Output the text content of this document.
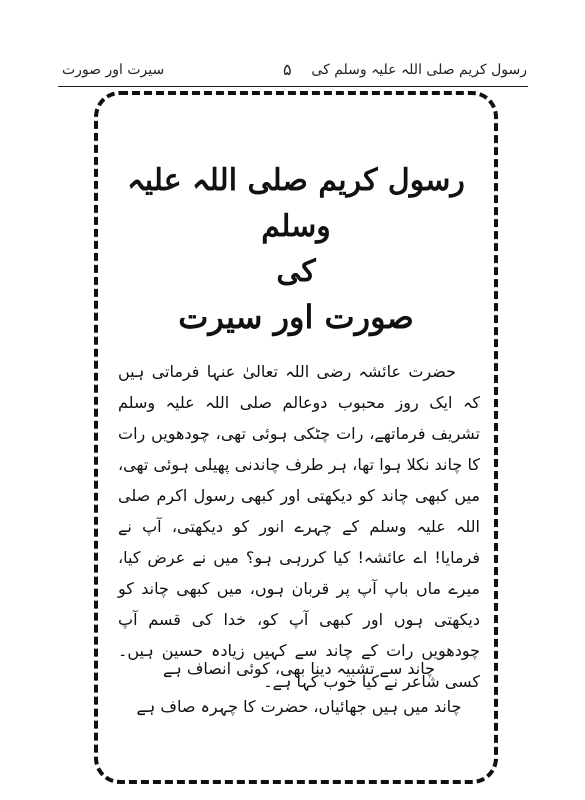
رسول کریم صلی اللہ علیہ وسلم کی
۵
سیرت اور صورت
رسول کریم صلی اللہ علیہ وسلم
کی
صورت اور سیرت

حضرت عائشہ رضی اللہ تعالیٰ عنہا فرماتی ہیں کہ ایک روز محبوب دوعالم صلی اللہ علیہ وسلم تشریف فرماتھے، رات چٹکی ہوئی تھی، چودھویں رات کا چاند نکلا ہوا تھا، ہر طرف چاندنی پھیلی ہوئی تھی، میں کبھی چاند کو دیکھتی اور کبھی رسول اکرم صلی اللہ علیہ وسلم کے چہرے انور کو دیکھتی، آپ نے فرمایا! اے عائشہ! کیا کررہی ہو؟ میں نے عرض کیا، میرے ماں باپ آپ پر قربان ہوں، میں کبھی چاند کو دیکھتی ہوں اور کبھی آپ کو، خدا کی قسم آپ چودھویں رات کے چاند سے کہیں زیادہ حسین ہیں۔ کسی شاعر نے کیا خوب کہا ہے۔

چاند سے تشبیہ دینا بھی، کوئی انصاف ہے
چاند میں ہیں جھائیاں، حضرت کا چہرہ صاف ہے
